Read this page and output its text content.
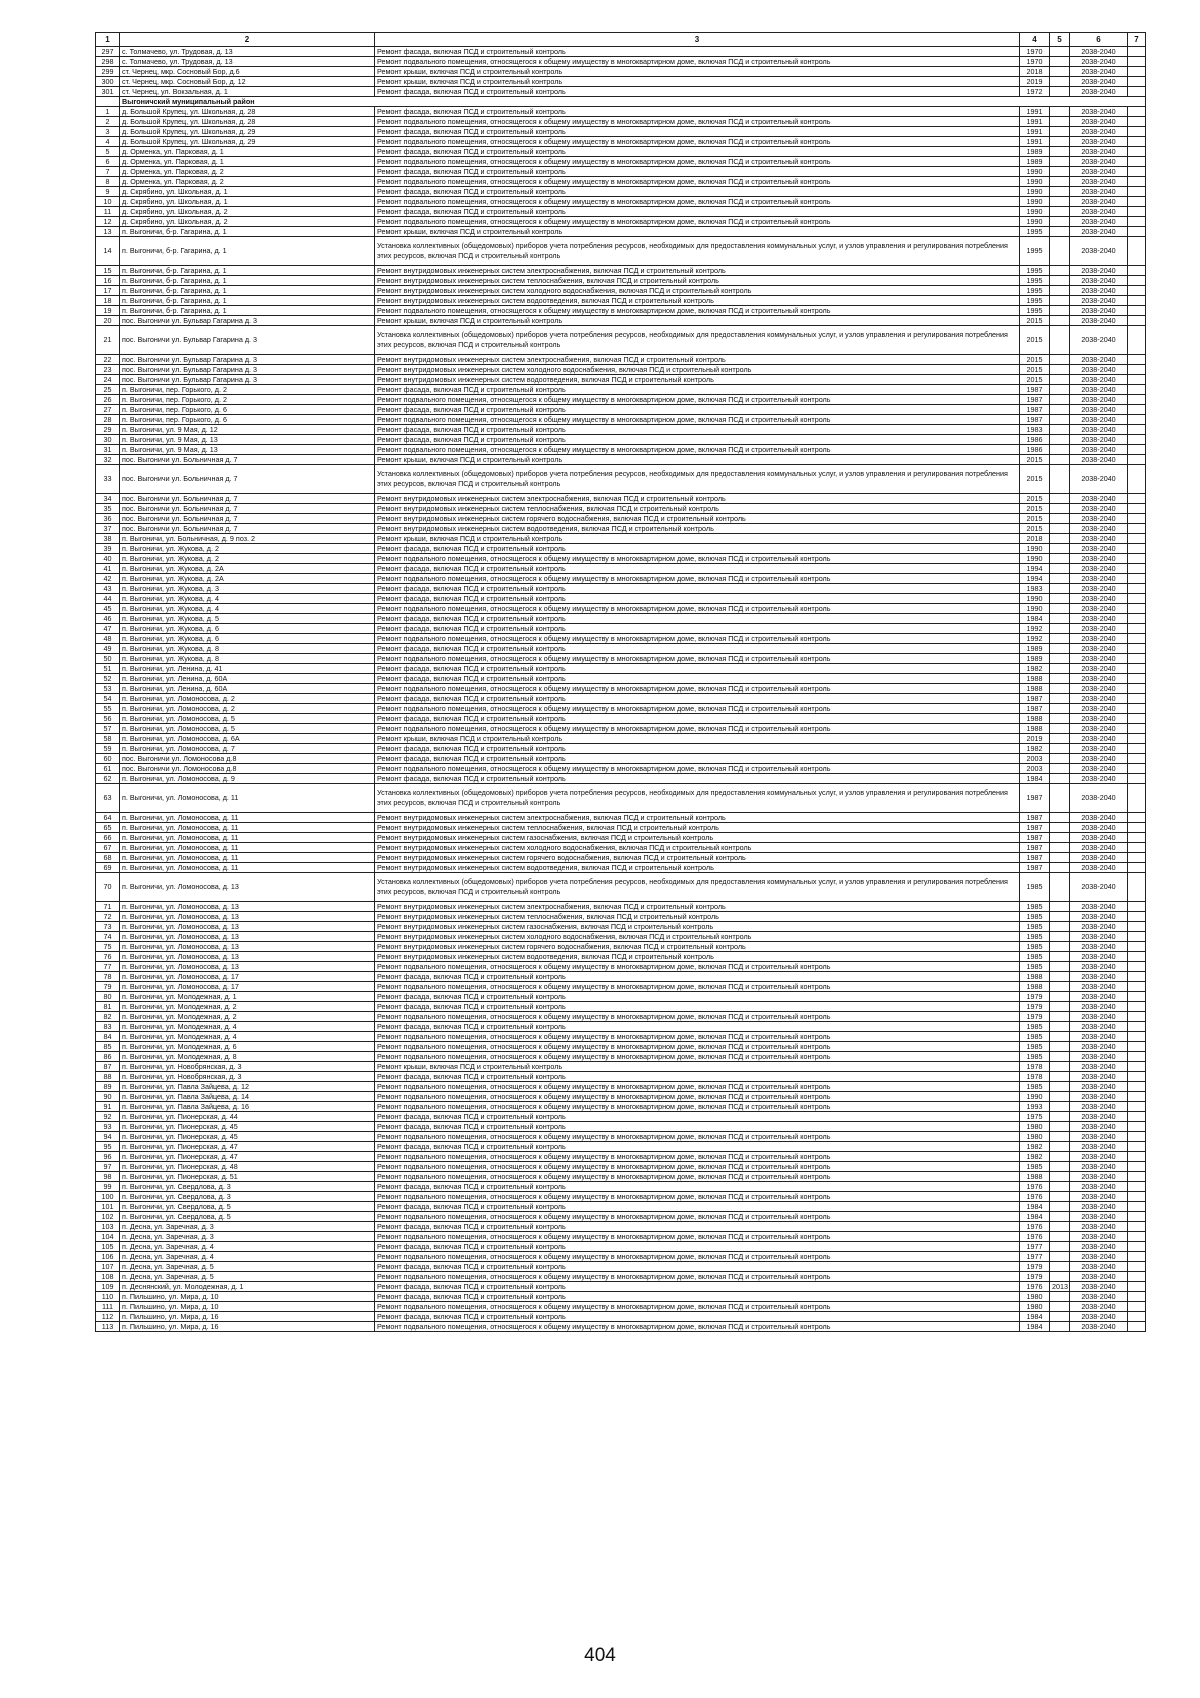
1	2	3	4	5	6	7
297	с. Толмачево, ул. Трудовая, д. 13	Ремонт фасада, включая ПСД и строительный контроль	1970		2038-2040	
298	с. Толмачево, ул. Трудовая, д. 13	Ремонт подвального помещения, относящегося к общему имуществу в многоквартирном доме, включая ПСД и строительный контроль	1970		2038-2040	
299	ст. Чернец, мкр. Сосновый Бор, д.6	Ремонт крыши, включая ПСД и строительный контроль	2018		2038-2040	
300	ст. Чернец, мкр. Сосновый Бор, д. 12	Ремонт крыши, включая ПСД и строительный контроль	2019		2038-2040	
301	ст. Чернец, ул. Вокзальная, д. 1	Ремонт фасада, включая ПСД и строительный контроль	1972		2038-2040	
	Выгоничский муниципальный район					
1	д. Большой Крупец, ул. Школьная, д. 28	Ремонт фасада, включая ПСД и строительный контроль	1991		2038-2040	
2	д. Большой Крупец, ул. Школьная, д. 28	Ремонт подвального помещения, относящегося к общему имуществу в многоквартирном доме, включая ПСД и строительный контроль	1991		2038-2040	
3	д. Большой Крупец, ул. Школьная, д. 29	Ремонт фасада, включая ПСД и строительный контроль	1991		2038-2040	
4	д. Большой Крупец, ул. Школьная, д. 29	Ремонт подвального помещения, относящегося к общему имуществу в многоквартирном доме, включая ПСД и строительный контроль	1991		2038-2040	
5	д. Орменка, ул. Парковая, д. 1	Ремонт фасада, включая ПСД и строительный контроль	1989		2038-2040	
6	д. Орменка, ул. Парковая, д. 1	Ремонт подвального помещения, относящегося к общему имуществу в многоквартирном доме, включая ПСД и строительный контроль	1989		2038-2040	
7	д. Орменка, ул. Парковая, д. 2	Ремонт фасада, включая ПСД и строительный контроль	1990		2038-2040	
8	д. Орменка, ул. Парковая, д. 2	Ремонт подвального помещения, относящегося к общему имуществу в многоквартирном доме, включая ПСД и строительный контроль	1990		2038-2040	
9	д. Скрябино, ул. Школьная, д. 1	Ремонт фасада, включая ПСД и строительный контроль	1990		2038-2040	
10	д. Скрябино, ул. Школьная, д. 1	Ремонт подвального помещения, относящегося к общему имуществу в многоквартирном доме, включая ПСД и строительный контроль	1990		2038-2040	
11	д. Скрябино, ул. Школьная, д. 2	Ремонт фасада, включая ПСД и строительный контроль	1990		2038-2040	
12	д. Скрябино, ул. Школьная, д. 2	Ремонт подвального помещения, относящегося к общему имуществу в многоквартирном доме, включая ПСД и строительный контроль	1990		2038-2040	
13	п. Выгоничи, б-р. Гагарина, д. 1	Ремонт крыши, включая ПСД и строительный контроль	1995		2038-2040	
14	п. Выгоничи, б-р. Гагарина, д. 1	Установка коллективных (общедомовых) приборов учета потребления ресурсов, необходимых для предоставления коммунальных услуг, и узлов управления и регулирования потребления этих ресурсов, включая ПСД и строительный контроль	1995		2038-2040	
15	п. Выгоничи, б-р. Гагарина, д. 1	Ремонт внутридомовых инженерных систем электроснабжения, включая ПСД и строительный контроль	1995		2038-2040	
16	п. Выгоничи, б-р. Гагарина, д. 1	Ремонт внутридомовых инженерных систем теплоснабжения, включая ПСД и строительный контроль	1995		2038-2040	
17	п. Выгоничи, б-р. Гагарина, д. 1	Ремонт внутридомовых инженерных систем холодного водоснабжения, включая ПСД и строительный контроль	1995		2038-2040	
18	п. Выгоничи, б-р. Гагарина, д. 1	Ремонт внутридомовых инженерных систем водоотведения, включая ПСД и строительный контроль	1995		2038-2040	
19	п. Выгоничи, б-р. Гагарина, д. 1	Ремонт подвального помещения, относящегося к общему имуществу в многоквартирном доме, включая ПСД и строительный контроль	1995		2038-2040	
20	пос. Выгоничи ул. Бульвар Гагарина д. 3	Ремонт крыши, включая ПСД и строительный контроль	2015		2038-2040	
21	пос. Выгоничи ул. Бульвар Гагарина д. 3	Установка коллективных (общедомовых) приборов учета потребления ресурсов, необходимых для предоставления коммунальных услуг, и узлов управления и регулирования потребления этих ресурсов, включая ПСД и строительный контроль	2015		2038-2040	
22	пос. Выгоничи ул. Бульвар Гагарина д. 3	Ремонт внутридомовых инженерных систем электроснабжения, включая ПСД и строительный контроль	2015		2038-2040	
23	пос. Выгоничи ул. Бульвар Гагарина д. 3	Ремонт внутридомовых инженерных систем холодного водоснабжения, включая ПСД и строительный контроль	2015		2038-2040	
24	пос. Выгоничи ул. Бульвар Гагарина д. 3	Ремонт внутридомовых инженерных систем водоотведения, включая ПСД и строительный контроль	2015		2038-2040	
25	п. Выгоничи, пер. Горького, д. 2	Ремонт фасада, включая ПСД и строительный контроль	1987		2038-2040	
26	п. Выгоничи, пер. Горького, д. 2	Ремонт подвального помещения, относящегося к общему имуществу в многоквартирном доме, включая ПСД и строительный контроль	1987		2038-2040	
27	п. Выгоничи, пер. Горького, д. 6	Ремонт фасада, включая ПСД и строительный контроль	1987		2038-2040	
28	п. Выгоничи, пер. Горького, д. 6	Ремонт подвального помещения, относящегося к общему имуществу в многоквартирном доме, включая ПСД и строительный контроль	1987		2038-2040	
29	п. Выгоничи, ул. 9 Мая, д. 12	Ремонт фасада, включая ПСД и строительный контроль	1983		2038-2040	
30	п. Выгоничи, ул. 9 Мая, д. 13	Ремонт фасада, включая ПСД и строительный контроль	1986		2038-2040	
31	п. Выгоничи, ул. 9 Мая, д. 13	Ремонт подвального помещения, относящегося к общему имуществу в многоквартирном доме, включая ПСД и строительный контроль	1986		2038-2040	
32	пос. Выгоничи ул. Больничная д. 7	Ремонт крыши, включая ПСД и строительный контроль	2015		2038-2040	
33	пос. Выгоничи ул. Больничная д. 7	Установка коллективных (общедомовых) приборов учета потребления ресурсов, необходимых для предоставления коммунальных услуг, и узлов управления и регулирования потребления этих ресурсов, включая ПСД и строительный контроль	2015		2038-2040	
34	пос. Выгоничи ул. Больничная д. 7	Ремонт внутридомовых инженерных систем электроснабжения, включая ПСД и строительный контроль	2015		2038-2040	
35	пос. Выгоничи ул. Больничная д. 7	Ремонт внутридомовых инженерных систем теплоснабжения, включая ПСД и строительный контроль	2015		2038-2040	
36	пос. Выгоничи ул. Больничная д. 7	Ремонт внутридомовых инженерных систем горячего водоснабжения, включая ПСД и строительный контроль	2015		2038-2040	
37	пос. Выгоничи ул. Больничная д. 7	Ремонт внутридомовых инженерных систем водоотведения, включая ПСД и строительный контроль	2015		2038-2040	
38	п. Выгоничи, ул. Больничная, д. 9 поз. 2	Ремонт крыши, включая ПСД и строительный контроль	2018		2038-2040	
39	п. Выгоничи, ул. Жукова, д. 2	Ремонт фасада, включая ПСД и строительный контроль	1990		2038-2040	
40	п. Выгоничи, ул. Жукова, д. 2	Ремонт подвального помещения, относящегося к общему имуществу в многоквартирном доме, включая ПСД и строительный контроль	1990		2038-2040	
41	п. Выгоничи, ул. Жукова, д. 2А	Ремонт фасада, включая ПСД и строительный контроль	1994		2038-2040	
42	п. Выгоничи, ул. Жукова, д. 2А	Ремонт подвального помещения, относящегося к общему имуществу в многоквартирном доме, включая ПСД и строительный контроль	1994		2038-2040	
43	п. Выгоничи, ул. Жукова, д. 3	Ремонт фасада, включая ПСД и строительный контроль	1983		2038-2040	
44	п. Выгоничи, ул. Жукова, д. 4	Ремонт фасада, включая ПСД и строительный контроль	1990		2038-2040	
45	п. Выгоничи, ул. Жукова, д. 4	Ремонт подвального помещения, относящегося к общему имуществу в многоквартирном доме, включая ПСД и строительный контроль	1990		2038-2040	
46	п. Выгоничи, ул. Жукова, д. 5	Ремонт фасада, включая ПСД и строительный контроль	1984		2038-2040	
47	п. Выгоничи, ул. Жукова, д. 6	Ремонт фасада, включая ПСД и строительный контроль	1992		2038-2040	
48	п. Выгоничи, ул. Жукова, д. 6	Ремонт подвального помещения, относящегося к общему имуществу в многоквартирном доме, включая ПСД и строительный контроль	1992		2038-2040	
49	п. Выгоничи, ул. Жукова, д. 8	Ремонт фасада, включая ПСД и строительный контроль	1989		2038-2040	
50	п. Выгоничи, ул. Жукова, д. 8	Ремонт подвального помещения, относящегося к общему имуществу в многоквартирном доме, включая ПСД и строительный контроль	1989		2038-2040	
51	п. Выгоничи, ул. Ленина, д. 41	Ремонт фасада, включая ПСД и строительный контроль	1982		2038-2040	
52	п. Выгоничи, ул. Ленина, д. 60А	Ремонт фасада, включая ПСД и строительный контроль	1988		2038-2040	
53	п. Выгоничи, ул. Ленина, д. 60А	Ремонт подвального помещения, относящегося к общему имуществу в многоквартирном доме, включая ПСД и строительный контроль	1988		2038-2040	
54	п. Выгоничи, ул. Ломоносова, д. 2	Ремонт фасада, включая ПСД и строительный контроль	1987		2038-2040	
55	п. Выгоничи, ул. Ломоносова, д. 2	Ремонт подвального помещения, относящегося к общему имуществу в многоквартирном доме, включая ПСД и строительный контроль	1987		2038-2040	
56	п. Выгоничи, ул. Ломоносова, д. 5	Ремонт фасада, включая ПСД и строительный контроль	1988		2038-2040	
57	п. Выгоничи, ул. Ломоносова, д. 5	Ремонт подвального помещения, относящегося к общему имуществу в многоквартирном доме, включая ПСД и строительный контроль	1988		2038-2040	
58	п. Выгоничи, ул. Ломоносова, д. 6А	Ремонт крыши, включая ПСД и строительный контроль	2019		2038-2040	
59	п. Выгоничи, ул. Ломоносова, д. 7	Ремонт фасада, включая ПСД и строительный контроль	1982		2038-2040	
60	пос. Выгоничи ул. Ломоносова д.8	Ремонт фасада, включая ПСД и строительный контроль	2003		2038-2040	
61	пос. Выгоничи ул. Ломоносова д.8	Ремонт подвального помещения, относящегося к общему имуществу в многоквартирном доме, включая ПСД и строительный контроль	2003		2038-2040	
62	п. Выгоничи, ул. Ломоносова, д. 9	Ремонт фасада, включая ПСД и строительный контроль	1984		2038-2040	
63	п. Выгоничи, ул. Ломоносова, д. 11	Установка коллективных (общедомовых) приборов учета потребления ресурсов, необходимых для предоставления коммунальных услуг, и узлов управления и регулирования потребления этих ресурсов, включая ПСД и строительный контроль	1987		2038-2040	
64	п. Выгоничи, ул. Ломоносова, д. 11	Ремонт внутридомовых инженерных систем электроснабжения, включая ПСД и строительный контроль	1987		2038-2040	
65	п. Выгоничи, ул. Ломоносова, д. 11	Ремонт внутридомовых инженерных систем теплоснабжения, включая ПСД и строительный контроль	1987		2038-2040	
66	п. Выгоничи, ул. Ломоносова, д. 11	Ремонт внутридомовых инженерных систем газоснабжения, включая ПСД и строительный контроль	1987		2038-2040	
67	п. Выгоничи, ул. Ломоносова, д. 11	Ремонт внутридомовых инженерных систем холодного водоснабжения, включая ПСД и строительный контроль	1987		2038-2040	
68	п. Выгоничи, ул. Ломоносова, д. 11	Ремонт внутридомовых инженерных систем горячего водоснабжения, включая ПСД и строительный контроль	1987		2038-2040	
69	п. Выгоничи, ул. Ломоносова, д. 11	Ремонт внутридомовых инженерных систем водоотведения, включая ПСД и строительный контроль	1987		2038-2040	
70	п. Выгоничи, ул. Ломоносова, д. 13	Установка коллективных (общедомовых) приборов учета потребления ресурсов, необходимых для предоставления коммунальных услуг, и узлов управления и регулирования потребления этих ресурсов, включая ПСД и строительный контроль	1985		2038-2040	
71	п. Выгоничи, ул. Ломоносова, д. 13	Ремонт внутридомовых инженерных систем электроснабжения, включая ПСД и строительный контроль	1985		2038-2040	
72	п. Выгоничи, ул. Ломоносова, д. 13	Ремонт внутридомовых инженерных систем теплоснабжения, включая ПСД и строительный контроль	1985		2038-2040	
73	п. Выгоничи, ул. Ломоносова, д. 13	Ремонт внутридомовых инженерных систем газоснабжения, включая ПСД и строительный контроль	1985		2038-2040	
74	п. Выгоничи, ул. Ломоносова, д. 13	Ремонт внутридомовых инженерных систем холодного водоснабжения, включая ПСД и строительный контроль	1985		2038-2040	
75	п. Выгоничи, ул. Ломоносова, д. 13	Ремонт внутридомовых инженерных систем горячего водоснабжения, включая ПСД и строительный контроль	1985		2038-2040	
76	п. Выгоничи, ул. Ломоносова, д. 13	Ремонт внутридомовых инженерных систем водоотведения, включая ПСД и строительный контроль	1985		2038-2040	
77	п. Выгоничи, ул. Ломоносова, д. 13	Ремонт подвального помещения, относящегося к общему имуществу в многоквартирном доме, включая ПСД и строительный контроль	1985		2038-2040	
78	п. Выгоничи, ул. Ломоносова, д. 17	Ремонт фасада, включая ПСД и строительный контроль	1988		2038-2040	
79	п. Выгоничи, ул. Ломоносова, д. 17	Ремонт подвального помещения, относящегося к общему имуществу в многоквартирном доме, включая ПСД и строительный контроль	1988		2038-2040	
80	п. Выгоничи, ул. Молодежная, д. 1	Ремонт фасада, включая ПСД и строительный контроль	1979		2038-2040	
81	п. Выгоничи, ул. Молодежная, д. 2	Ремонт фасада, включая ПСД и строительный контроль	1979		2038-2040	
82	п. Выгоничи, ул. Молодежная, д. 2	Ремонт подвального помещения, относящегося к общему имуществу в многоквартирном доме, включая ПСД и строительный контроль	1979		2038-2040	
83	п. Выгоничи, ул. Молодежная, д. 4	Ремонт фасада, включая ПСД и строительный контроль	1985		2038-2040	
84	п. Выгоничи, ул. Молодежная, д. 4	Ремонт подвального помещения, относящегося к общему имуществу в многоквартирном доме, включая ПСД и строительный контроль	1985		2038-2040	
85	п. Выгоничи, ул. Молодежная, д. 6	Ремонт подвального помещения, относящегося к общему имуществу в многоквартирном доме, включая ПСД и строительный контроль	1985		2038-2040	
86	п. Выгоничи, ул. Молодежная, д. 8	Ремонт подвального помещения, относящегося к общему имуществу в многоквартирном доме, включая ПСД и строительный контроль	1985		2038-2040	
87	п. Выгоничи, ул. Новобрянская, д. 3	Ремонт крыши, включая ПСД и строительный контроль	1978		2038-2040	
88	п. Выгоничи, ул. Новобрянская, д. 3	Ремонт фасада, включая ПСД и строительный контроль	1978		2038-2040	
89	п. Выгоничи, ул. Павла Зайцева, д. 12	Ремонт подвального помещения, относящегося к общему имуществу в многоквартирном доме, включая ПСД и строительный контроль	1985		2038-2040	
90	п. Выгоничи, ул. Павла Зайцева, д. 14	Ремонт подвального помещения, относящегося к общему имуществу в многоквартирном доме, включая ПСД и строительный контроль	1990		2038-2040	
91	п. Выгоничи, ул. Павла Зайцева, д. 16	Ремонт подвального помещения, относящегося к общему имуществу в многоквартирном доме, включая ПСД и строительный контроль	1993		2038-2040	
92	п. Выгоничи, ул. Пионерская, д. 44	Ремонт фасада, включая ПСД и строительный контроль	1975		2038-2040	
93	п. Выгоничи, ул. Пионерская, д. 45	Ремонт фасада, включая ПСД и строительный контроль	1980		2038-2040	
94	п. Выгоничи, ул. Пионерская, д. 45	Ремонт подвального помещения, относящегося к общему имуществу в многоквартирном доме, включая ПСД и строительный контроль	1980		2038-2040	
95	п. Выгоничи, ул. Пионерская, д. 47	Ремонт фасада, включая ПСД и строительный контроль	1982		2038-2040	
96	п. Выгоничи, ул. Пионерская, д. 47	Ремонт подвального помещения, относящегося к общему имуществу в многоквартирном доме, включая ПСД и строительный контроль	1982		2038-2040	
97	п. Выгоничи, ул. Пионерская, д. 48	Ремонт подвального помещения, относящегося к общему имуществу в многоквартирном доме, включая ПСД и строительный контроль	1985		2038-2040	
98	п. Выгоничи, ул. Пионерская, д. 51	Ремонт подвального помещения, относящегося к общему имуществу в многоквартирном доме, включая ПСД и строительный контроль	1988		2038-2040	
99	п. Выгоничи, ул. Свердлова, д. 3	Ремонт фасада, включая ПСД и строительный контроль	1976		2038-2040	
100	п. Выгоничи, ул. Свердлова, д. 3	Ремонт подвального помещения, относящегося к общему имуществу в многоквартирном доме, включая ПСД и строительный контроль	1976		2038-2040	
101	п. Выгоничи, ул. Свердлова, д. 5	Ремонт фасада, включая ПСД и строительный контроль	1984		2038-2040	
102	п. Выгоничи, ул. Свердлова, д. 5	Ремонт подвального помещения, относящегося к общему имуществу в многоквартирном доме, включая ПСД и строительный контроль	1984		2038-2040	
103	п. Десна, ул. Заречная, д. 3	Ремонт фасада, включая ПСД и строительный контроль	1976		2038-2040	
104	п. Десна, ул. Заречная, д. 3	Ремонт подвального помещения, относящегося к общему имуществу в многоквартирном доме, включая ПСД и строительный контроль	1976		2038-2040	
105	п. Десна, ул. Заречная, д. 4	Ремонт фасада, включая ПСД и строительный контроль	1977		2038-2040	
106	п. Десна, ул. Заречная, д. 4	Ремонт подвального помещения, относящегося к общему имуществу в многоквартирном доме, включая ПСД и строительный контроль	1977		2038-2040	
107	п. Десна, ул. Заречная, д. 5	Ремонт фасада, включая ПСД и строительный контроль	1979		2038-2040	
108	п. Десна, ул. Заречная, д. 5	Ремонт подвального помещения, относящегося к общему имуществу в многоквартирном доме, включая ПСД и строительный контроль	1979		2038-2040	
109	п. Деснянский, ул. Молодежная, д. 1	Ремонт фасада, включая ПСД и строительный контроль	1976	2013	2038-2040	
110	п. Пильшино, ул. Мира, д. 10	Ремонт фасада, включая ПСД и строительный контроль	1980		2038-2040	
111	п. Пильшино, ул. Мира, д. 10	Ремонт подвального помещения, относящегося к общему имуществу в многоквартирном доме, включая ПСД и строительный контроль	1980		2038-2040	
112	п. Пильшино, ул. Мира, д. 16	Ремонт фасада, включая ПСД и строительный контроль	1984		2038-2040	
113	п. Пильшино, ул. Мира, д. 16	Ремонт подвального помещения, относящегося к общему имуществу в многоквартирном доме, включая ПСД и строительный контроль	1984		2038-2040	
404
